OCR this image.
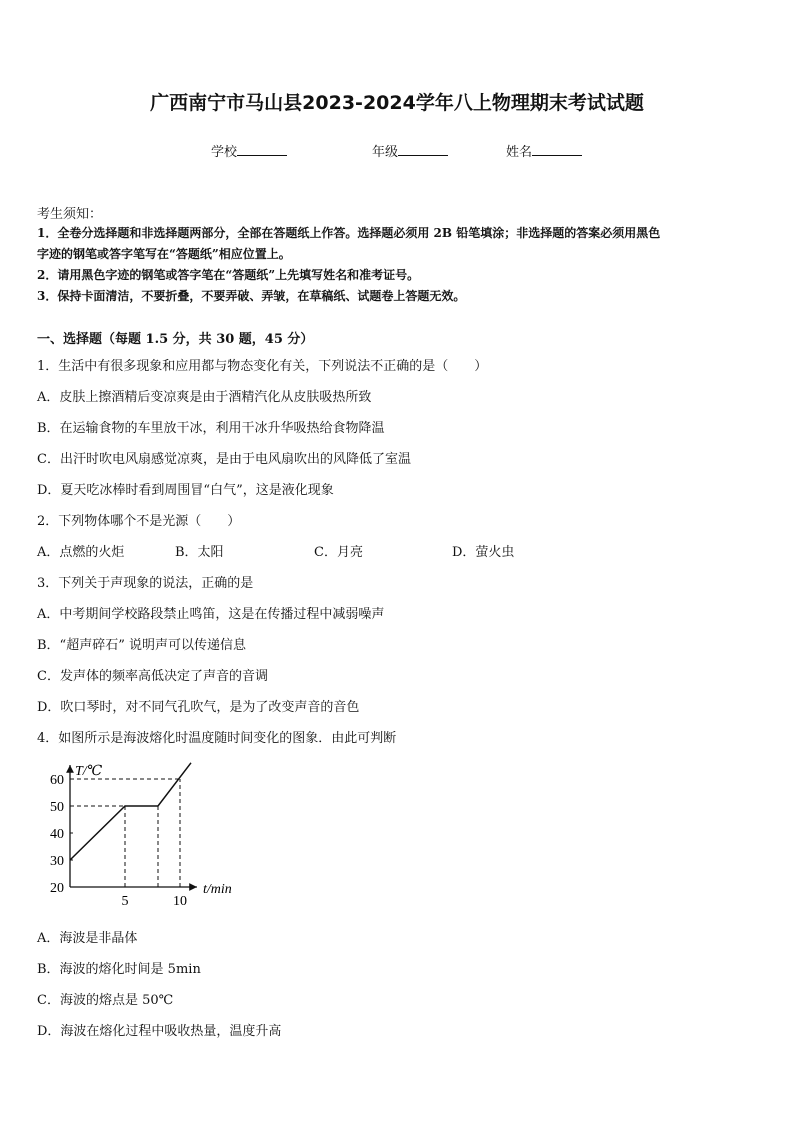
广西南宁市马山县2023-2024学年八上物理期末考试试题
学校	年级	姓名
考生须知：
1．全卷分选择题和非选择题两部分，全部在答题纸上作答。选择题必须用 2B 铅笔填涂；非选择题的答案必须用黑色
字迹的钢笔或答字笔写在“答题纸”相应位置上。
2．请用黑色字迹的钢笔或答字笔在“答题纸”上先填写姓名和准考证号。
3．保持卡面清洁，不要折叠，不要弄破、弄皱，在草稿纸、试题卷上答题无效。
一、选择题（每题 1.5 分，共 30 题，45 分）
1．生活中有很多现象和应用都与物态变化有关，下列说法不正确的是（　　）
A．皮肤上擦酒精后变凉爽是由于酒精汽化从皮肤吸热所致
B．在运输食物的车里放干冰，利用干冰升华吸热给食物降温
C．出汗时吹电风扇感觉凉爽，是由于电风扇吹出的风降低了室温
D．夏天吃冰棒时看到周围冒“白气”，这是液化现象
2．下列物体哪个不是光源（　　）
A．点燃的火炬	B．太阳	C．月亮	D．萤火虫
3．下列关于声现象的说法，正确的是
A．中考期间学校路段禁止鸣笛，这是在传播过程中减弱噪声
B．“超声碎石” 说明声可以传递信息
C．发声体的频率高低决定了声音的音调
D．吹口琴时，对不同气孔吹气，是为了改变声音的音色
4．如图所示是海波熔化时温度随时间变化的图象．由此可判断
20
30
40
50
60
5	10
T/℃
t/min
A．海波是非晶体
B．海波的熔化时间是 5min
C．海波的熔点是 50℃
D．海波在熔化过程中吸收热量，温度升高
